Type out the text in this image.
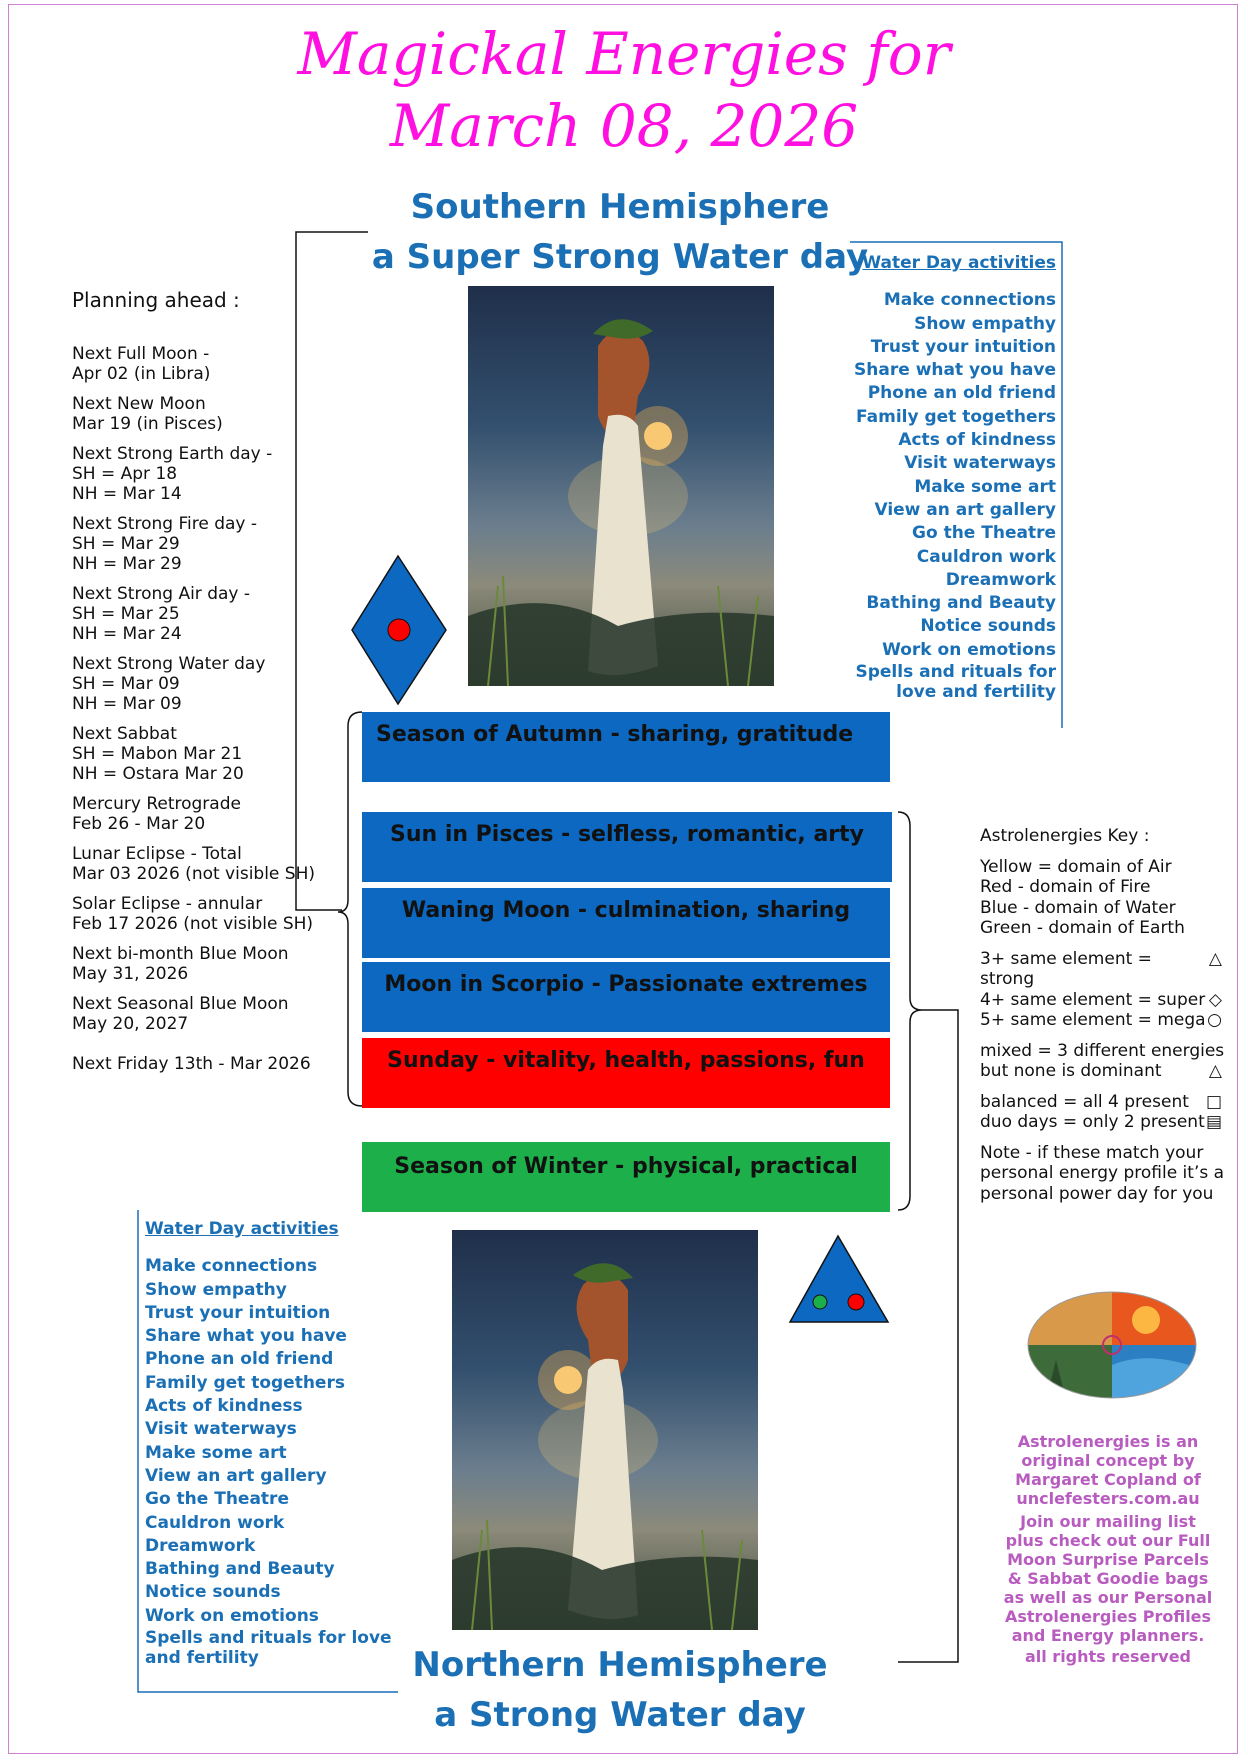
Magickal Energies for
March 08, 2026
Southern Hemisphere
a Super Strong Water day
Planning ahead :
Next Full Moon -
Apr 02 (in Libra)
Next New Moon
Mar 19 (in Pisces)
Next Strong Earth day -
SH = Apr 18
NH = Mar 14
Next Strong Fire day -
SH = Mar 29
NH = Mar 29
Next Strong Air day -
SH = Mar 25
NH = Mar 24
Next Strong Water day
SH = Mar 09
NH = Mar 09
Next Sabbat
SH = Mabon Mar 21
NH = Ostara Mar 20
Mercury Retrograde
Feb 26 - Mar 20
Lunar Eclipse - Total
Mar 03 2026 (not visible SH)
Solar Eclipse - annular
Feb 17 2026 (not visible SH)
Next bi-month Blue Moon
May 31, 2026
Next Seasonal Blue Moon
May 20, 2027
Next Friday 13th - Mar 2026
Water Day activities
Make connections
Show empathy
Trust your intuition
Share what you have
Phone an old friend
Family get togethers
Acts of kindness
Visit waterways
Make some art
View an art gallery
Go the Theatre
Cauldron work
Dreamwork
Bathing and Beauty
Notice sounds
Work on emotions
Spells and rituals for
love and fertility
Water Day activities
Make connections
Show empathy
Trust your intuition
Share what you have
Phone an old friend
Family get togethers
Acts of kindness
Visit waterways
Make some art
View an art gallery
Go the Theatre
Cauldron work
Dreamwork
Bathing and Beauty
Notice sounds
Work on emotions
Spells and rituals for love
and fertility
Season of Autumn - sharing, gratitude
Sun in Pisces - selfless, romantic, arty
Waning Moon - culmination, sharing
Moon in Scorpio - Passionate extremes
Sunday - vitality, health, passions, fun
Season of Winter - physical, practical
Astrolenergies Key :
Yellow = domain of Air
Red - domain of Fire
Blue - domain of Water
Green - domain of Earth
3+ same element = strong
△
4+ same element = super ◇
5+ same element = mega ○
mixed = 3 different energies
but none is dominant	△
balanced = all 4 present □
duo days = only 2 present ▤
Note - if these match your personal energy profile it’s a personal power day for you
Astrolenergies is an original concept by Margaret Copland of unclefesters.com.au
Join our mailing list plus check out our Full Moon Surprise Parcels & Sabbat Goodie bags as well as our Personal Astrolenergies Profiles and Energy planners.
all rights reserved
Northern Hemisphere
a Strong Water day
